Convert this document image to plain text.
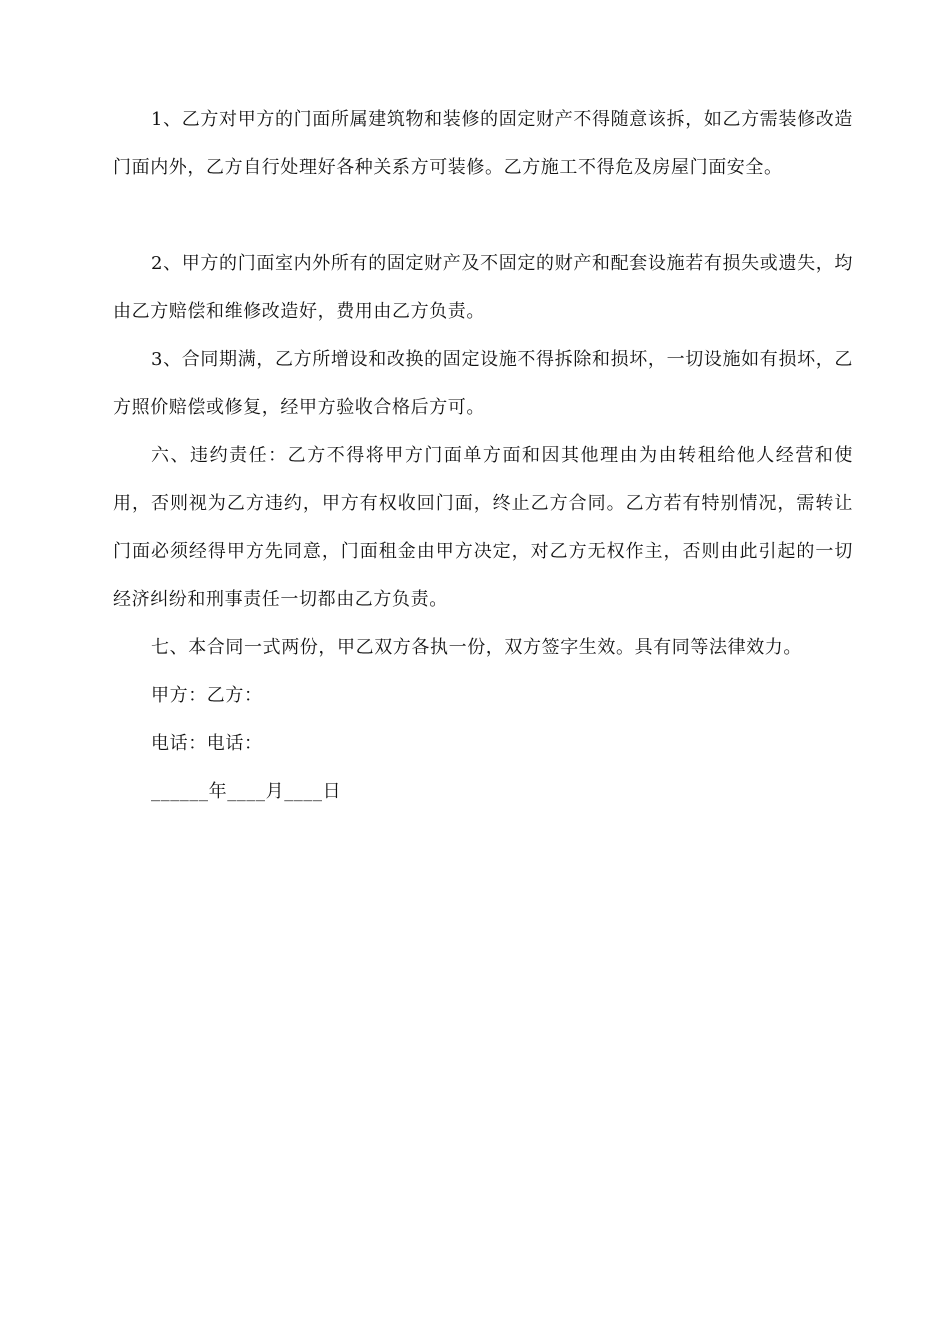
1、乙方对甲方的门面所属建筑物和装修的固定财产不得随意该拆，如乙方需装修改造门面内外，乙方自行处理好各种关系方可装修。乙方施工不得危及房屋门面安全。

2、甲方的门面室内外所有的固定财产及不固定的财产和配套设施若有损失或遗失，均由乙方赔偿和维修改造好，费用由乙方负责。

3、合同期满，乙方所增设和改换的固定设施不得拆除和损坏，一切设施如有损坏，乙方照价赔偿或修复，经甲方验收合格后方可。

六、违约责任：乙方不得将甲方门面单方面和因其他理由为由转租给他人经营和使用，否则视为乙方违约，甲方有权收回门面，终止乙方合同。乙方若有特别情况，需转让门面必须经得甲方先同意，门面租金由甲方决定，对乙方无权作主，否则由此引起的一切经济纠纷和刑事责任一切都由乙方负责。

七、本合同一式两份，甲乙双方各执一份，双方签字生效。具有同等法律效力。

甲方：乙方：

电话：电话：

______年____月____日
